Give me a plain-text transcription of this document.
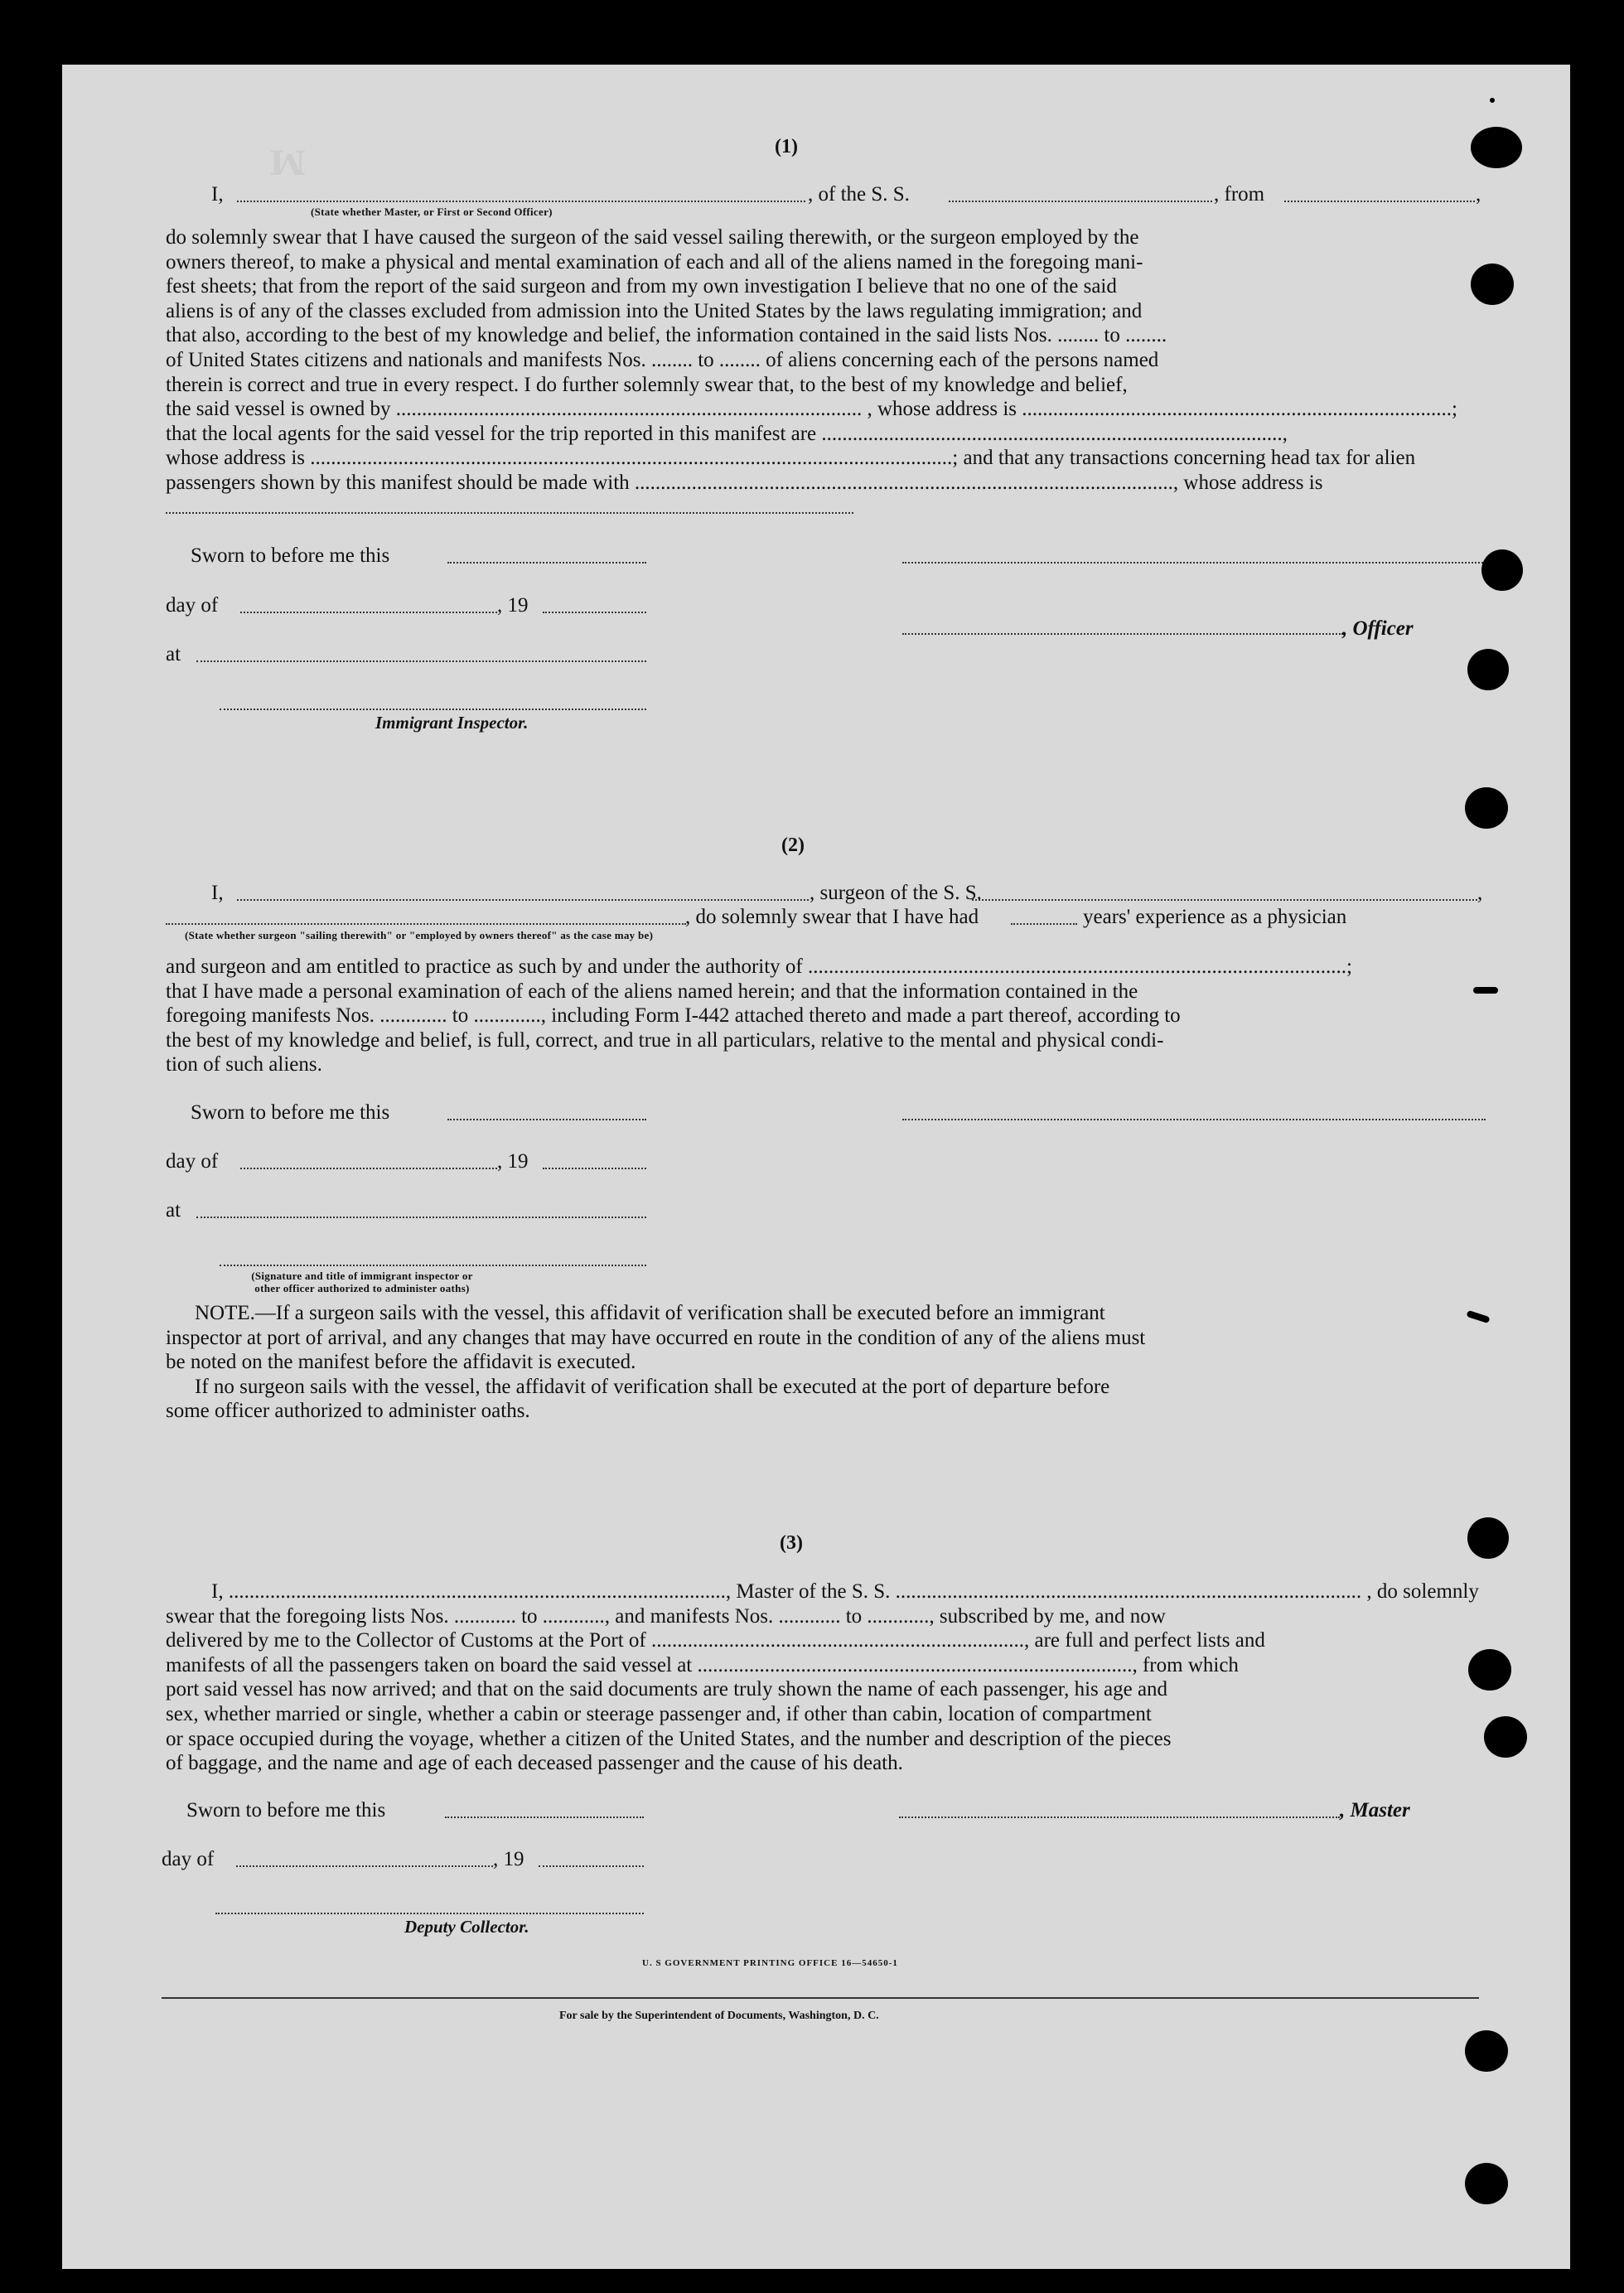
ꟽ	(1)
I,
(State whether Master, or First or Second Officer)
, of the S. S.	, from	,
do solemnly swear that I have caused the surgeon of the said vessel sailing therewith, or the surgeon employed by the
owners thereof, to make a physical and mental examination of each and all of the aliens named in the foregoing mani-
fest sheets; that from the report of the said surgeon and from my own investigation I believe that no one of the said
aliens is of any of the classes excluded from admission into the United States by the laws regulating immigration; and
that also, according to the best of my knowledge and belief, the information contained in the said lists Nos. ........ to ........
of United States citizens and nationals and manifests Nos. ........ to ........ of aliens concerning each of the persons named
therein is correct and true in every respect. I do further solemnly swear that, to the best of my knowledge and belief,
the said vessel is owned by .......................................................................................... , whose address is ...................................................................................;
that the local agents for the said vessel for the trip reported in this manifest are .........................................................................................,
whose address is ............................................................................................................................; and that any transactions concerning head tax for alien
passengers shown by this manifest should be made with ........................................................................................................, whose address is
Sworn to before me this
day of	, 19
, Officer
at
Immigrant Inspector.
(2)
I,	, surgeon of the S. S.	,
, do solemnly swear that I have had	years' experience as a physician
(State whether surgeon "sailing therewith" or "employed by owners thereof" as the case may be)
and surgeon and am entitled to practice as such by and under the authority of ........................................................................................................;
that I have made a personal examination of each of the aliens named herein; and that the information contained in the
foregoing manifests Nos. ............. to ............., including Form I-442 attached thereto and made a part thereof, according to
the best of my knowledge and belief, is full, correct, and true in all particulars, relative to the mental and physical condi-
tion of such aliens.
Sworn to before me this
day of	, 19
at
(Signature and title of immigrant inspector or
other officer authorized to administer oaths)
NOTE.—If a surgeon sails with the vessel, this affidavit of verification shall be executed before an immigrant
inspector at port of arrival, and any changes that may have occurred en route in the condition of any of the aliens must
be noted on the manifest before the affidavit is executed.
If no surgeon sails with the vessel, the affidavit of verification shall be executed at the port of departure before
some officer authorized to administer oaths.
(3)
I, ................................................................................................, Master of the S. S. .......................................................................................... , do solemnly
swear that the foregoing lists Nos. ............ to ............, and manifests Nos. ............ to ............, subscribed by me, and now
delivered by me to the Collector of Customs at the Port of ........................................................................, are full and perfect lists and
manifests of all the passengers taken on board the said vessel at ...................................................................................., from which
port said vessel has now arrived; and that on the said documents are truly shown the name of each passenger, his age and
sex, whether married or single, whether a cabin or steerage passenger and, if other than cabin, location of compartment
or space occupied during the voyage, whether a citizen of the United States, and the number and description of the pieces
of baggage, and the name and age of each deceased passenger and the cause of his death.
Sworn to before me this	, Master
day of	, 19
Deputy Collector.
U. S GOVERNMENT PRINTING OFFICE 16—54650-1
For sale by the Superintendent of Documents, Washington, D. C.
